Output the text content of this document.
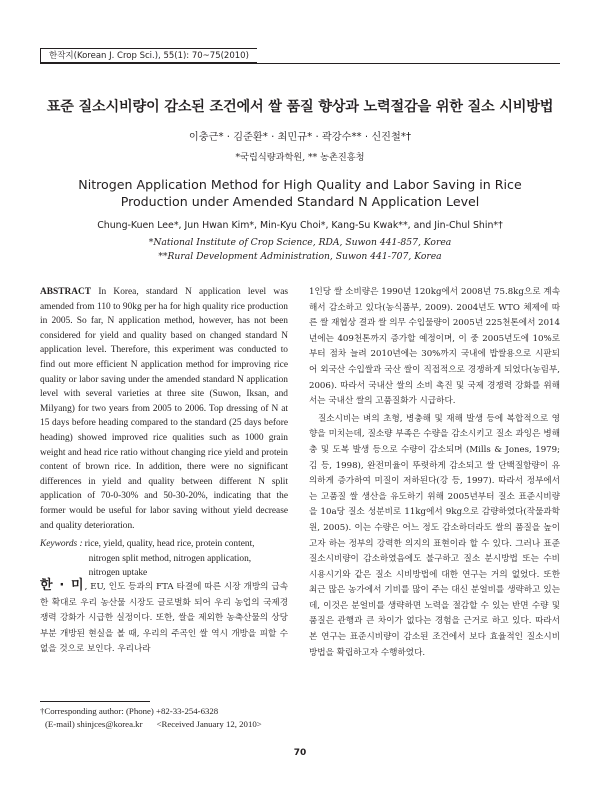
한작지(Korean J. Crop Sci.), 55(1): 70~75(2010)
표준 질소시비량이 감소된 조건에서 쌀 품질 향상과 노력절감을 위한 질소 시비방법
이충근* · 김준환* · 최민규* · 곽강수** · 신진철*†
*국립식량과학원, ** 농촌진흥청
Nitrogen Application Method for High Quality and Labor Saving in Rice
Production under Amended Standard N Application Level
Chung-Kuen Lee*, Jun Hwan Kim*, Min-Kyu Choi*, Kang-Su Kwak**, and Jin-Chul Shin*†
*National Institute of Crop Science, RDA, Suwon 441-857, Korea
**Rural Development Administration, Suwon 441-707, Korea
ABSTRACT In Korea, standard N application level was amended from 110 to 90kg per ha for high quality rice production in 2005. So far, N application method, however, has not been considered for yield and quality based on changed standard N application level. Therefore, this experiment was conducted to find out more efficient N application method for improving rice quality or labor saving under the amended standard N application level with several varieties at three site (Suwon, Iksan, and Milyang) for two years from 2005 to 2006. Top dressing of N at 15 days before heading compared to the standard (25 days before heading) showed improved rice qualities such as 1000 grain weight and head rice ratio without changing rice yield and protein content of brown rice. In addition, there were no significant differences in yield and quality between different N split application of 70-0-30% and 50-30-20%, indicating that the former would be useful for labor saving without yield decrease and quality deterioration.
Keywords : rice, yield, quality, head rice, protein content,
nitrogen split method, nitrogen application,
nitrogen uptake
한 · 미, EU, 인도 등과의 FTA 타결에 따른 시장 개방의 급속한 확대로 우리 농산물 시장도 글로벌화 되어 우리 농업의 국제경쟁력 강화가 시급한 실정이다. 또한, 쌀을 제외한 농축산물의 상당부분 개방된 현실을 볼 때, 우리의 주곡인 쌀 역시 개방을 피할 수 없을 것으로 보인다. 우리나라

1인당 쌀 소비량은 1990년 120kg에서 2008년 75.8kg으로 계속해서 감소하고 있다(농식품부, 2009). 2004년도 WTO 체제에 따른 쌀 재협상 결과 쌀 의무 수입물량이 2005년 225천톤에서 2014년에는 409천톤까지 증가할 예정이며, 이 중 2005년도에 10%로부터 점차 늘려 2010년에는 30%까지 국내에 밥쌀용으로 시판되어 외국산 수입쌀과 국산 쌀이 직접적으로 경쟁하게 되었다(농림부, 2006). 따라서 국내산 쌀의 소비 촉진 및 국제 경쟁력 강화를 위해서는 국내산 쌀의 고품질화가 시급하다.

질소시비는 벼의 초형, 병충해 및 재해 발생 등에 복합적으로 영향을 미치는데, 질소량 부족은 수량을 감소시키고 질소 과잉은 병해충 및 도복 발생 등으로 수량이 감소되며 (Mills & Jones, 1979; 김 등, 1998), 완전미율이 뚜렷하게 감소되고 쌀 단백질함량이 유의하게 증가하여 미질이 저하된다(강 등, 1997). 따라서 정부에서는 고품질 쌀 생산을 유도하기 위해 2005년부터 질소 표준시비량을 10a당 질소 성분비로 11kg에서 9kg으로 감량하였다(작물과학원, 2005). 이는 수량은 어느 정도 감소하더라도 쌀의 품질을 높이고자 하는 정부의 강력한 의지의 표현이라 할 수 있다. 그러나 표준 질소시비량이 감소하였음에도 불구하고 질소 분시방법 또는 수비 시용시기와 같은 질소 시비방법에 대한 연구는 거의 없었다. 또한 최근 많은 농가에서 기비를 많이 주는 대신 분얼비를 생략하고 있는데, 이것은 분얼비를 생략하면 노력을 절감할 수 있는 반면 수량 및 품질은 관행과 큰 차이가 없다는 경험을 근거로 하고 있다. 따라서 본 연구는 표준시비량이 감소된 조건에서 보다 효율적인 질소시비방법을 확립하고자 수행하였다.

†Corresponding author: (Phone) +82-33-254-6328
(E-mail) shinjces@korea.kr <Received January 12, 2010>
70
